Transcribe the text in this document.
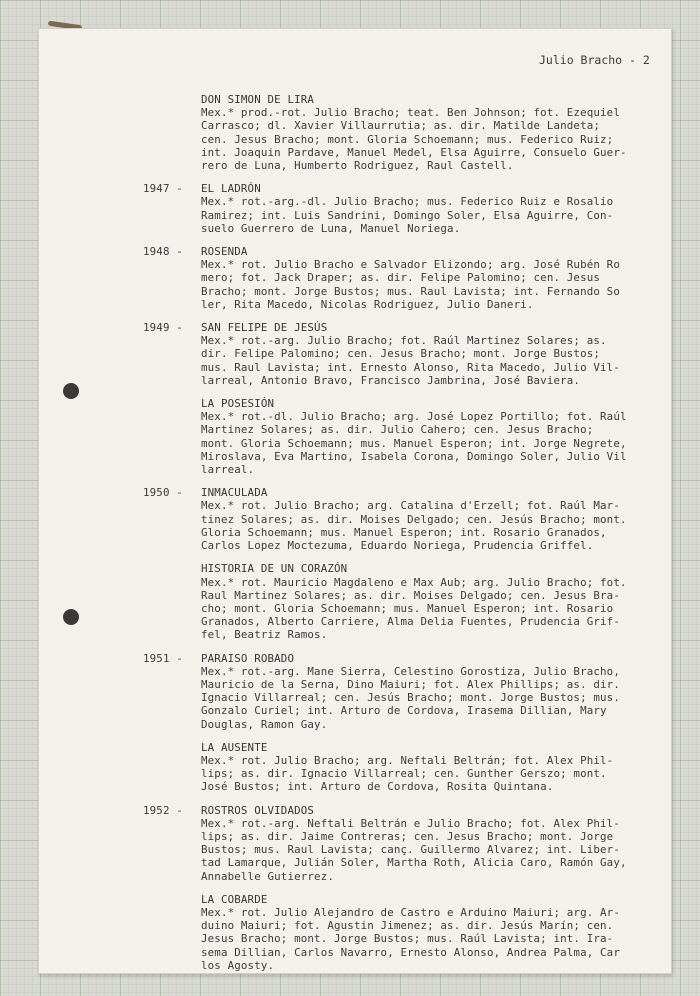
Julio Bracho - 2
DON SIMON DE LIRA
Mex.* prod.-rot. Julio Bracho; teat. Ben Johnson; fot. Ezequiel
Carrasco; dl. Xavier Villaurrutia; as. dir. Matilde Landeta;
cen. Jesus Bracho; mont. Gloria Schoemann; mus. Federico Ruiz;
int. Joaquin Pardave, Manuel Medel, Elsa Aguirre, Consuelo Guer-
rero de Luna, Humberto Rodriguez, Raul Castell.
1947 - EL LADRÓN
Mex.* rot.-arg.-dl. Julio Bracho; mus. Federico Ruiz e Rosalio
Ramirez; int. Luis Sandrini, Domingo Soler, Elsa Aguirre, Con-
suelo Guerrero de Luna, Manuel Noriega.
1948 - ROSENDA
Mex.* rot. Julio Bracho e Salvador Elizondo; arg. José Rubén Ro
mero; fot. Jack Draper; as. dir. Felipe Palomino; cen. Jesus
Bracho; mont. Jorge Bustos; mus. Raul Lavista; int. Fernando So
ler, Rita Macedo, Nicolas Rodriguez, Julio Daneri.
1949 - SAN FELIPE DE JESÚS
Mex.* rot.-arg. Julio Bracho; fot. Raúl Martinez Solares; as.
dir. Felipe Palomino; cen. Jesus Bracho; mont. Jorge Bustos;
mus. Raul Lavista; int. Ernesto Alonso, Rita Macedo, Julio Vil-
larreal, Antonio Bravo, Francisco Jambrina, José Baviera.
LA POSESIÓN
Mex.* rot.-dl. Julio Bracho; arg. José Lopez Portillo; fot. Raúl
Martinez Solares; as. dir. Julio Cahero; cen. Jesus Bracho;
mont. Gloria Schoemann; mus. Manuel Esperon; int. Jorge Negrete,
Miroslava, Eva Martino, Isabela Corona, Domingo Soler, Julio Vil
larreal.
1950 - INMACULADA
Mex.* rot. Julio Bracho; arg. Catalina d'Erzell; fot. Raúl Mar-
tinez Solares; as. dir. Moises Delgado; cen. Jesús Bracho; mont.
Gloria Schoemann; mus. Manuel Esperon; int. Rosario Granados,
Carlos Lopez Moctezuma, Eduardo Noriega, Prudencia Griffel.
HISTORIA DE UN CORAZÓN
Mex.* rot. Mauricio Magdaleno e Max Aub; arg. Julio Bracho; fot.
Raul Martinez Solares; as. dir. Moises Delgado; cen. Jesus Bra-
cho; mont. Gloria Schoemann; mus. Manuel Esperon; int. Rosario
Granados, Alberto Carriere, Alma Delia Fuentes, Prudencia Grif-
fel, Beatriz Ramos.
1951 - PARAISO ROBADO
Mex.* rot.-arg. Mane Sierra, Celestino Gorostiza, Julio Bracho,
Mauricio de la Serna, Dino Maiuri; fot. Alex Phillips; as. dir.
Ignacio Villarreal; cen. Jesús Bracho; mont. Jorge Bustos; mus.
Gonzalo Curiel; int. Arturo de Cordova, Irasema Dillian, Mary
Douglas, Ramon Gay.
LA AUSENTE
Mex.* rot. Julio Bracho; arg. Neftali Beltrán; fot. Alex Phil-
lips; as. dir. Ignacio Villarreal; cen. Gunther Gerszo; mont.
José Bustos; int. Arturo de Cordova, Rosita Quintana.
1952 - ROSTROS OLVIDADOS
Mex.* rot.-arg. Neftali Beltrán e Julio Bracho; fot. Alex Phil-
lips; as. dir. Jaime Contreras; cen. Jesus Bracho; mont. Jorge
Bustos; mus. Raul Lavista; canç. Guillermo Alvarez; int. Liber-
tad Lamarque, Julián Soler, Martha Roth, Alicia Caro, Ramón Gay,
Annabelle Gutierrez.
LA COBARDE
Mex.* rot. Julio Alejandro de Castro e Arduino Maiuri; arg. Ar-
duino Maiuri; fot. Agustin Jimenez; as. dir. Jesús Marín; cen.
Jesus Bracho; mont. Jorge Bustos; mus. Raúl Lavista; int. Ira-
sema Dillian, Carlos Navarro, Ernesto Alonso, Andrea Palma, Car
los Agosty.
